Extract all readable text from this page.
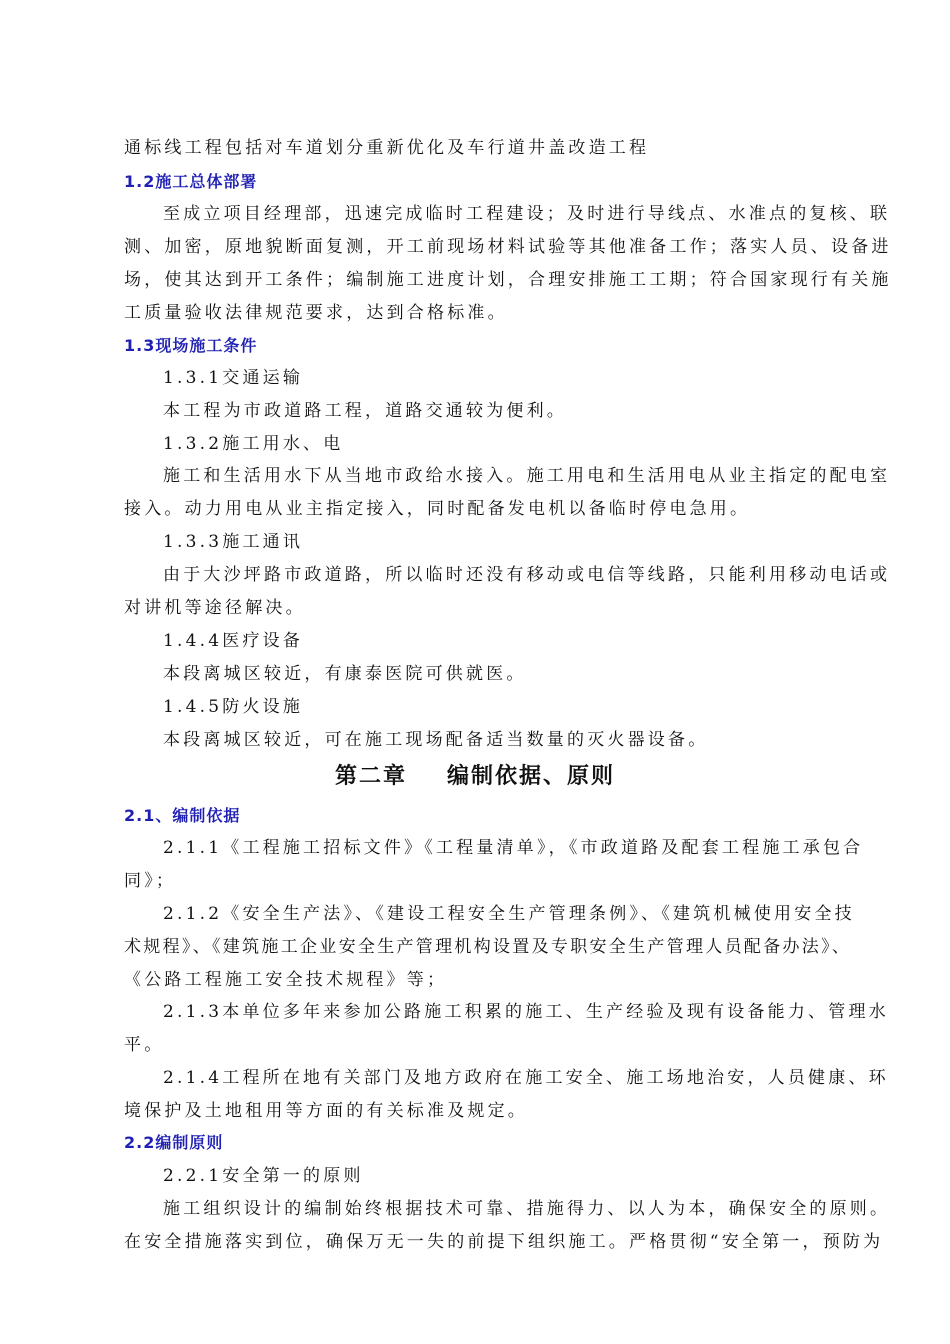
通标线工程包括对车道划分重新优化及车行道井盖改造工程
1.2施工总体部署
至成立项目经理部，迅速完成临时工程建设；及时进行导线点、水准点的复核、联
测、加密，原地貌断面复测，开工前现场材料试验等其他准备工作；落实人员、设备进
场，使其达到开工条件；编制施工进度计划，合理安排施工工期；符合国家现行有关施
工质量验收法律规范要求，达到合格标准。
1.3现场施工条件
1.3.1交通运输
本工程为市政道路工程，道路交通较为便利。
1.3.2施工用水、电
施工和生活用水下从当地市政给水接入。施工用电和生活用电从业主指定的配电室
接入。动力用电从业主指定接入，同时配备发电机以备临时停电急用。
1.3.3施工通讯
由于大沙坪路市政道路，所以临时还没有移动或电信等线路，只能利用移动电话或
对讲机等途径解决。
1.4.4医疗设备
本段离城区较近，有康泰医院可供就医。
1.4.5防火设施
本段离城区较近，可在施工现场配备适当数量的灭火器设备。
第二章 编制依据、原则
2.1、编制依据
2.1.1《工程施工招标文件》《工程量清单》，《市政道路及配套工程施工承包合
同》；
2.1.2《安全生产法》、《建设工程安全生产管理条例》、《建筑机械使用安全技
术规程》、《建筑施工企业安全生产管理机构设置及专职安全生产管理人员配备办法》、
《公路工程施工安全技术规程》等；
2.1.3本单位多年来参加公路施工积累的施工、生产经验及现有设备能力、管理水
平。
2.1.4工程所在地有关部门及地方政府在施工安全、施工场地治安，人员健康、环
境保护及土地租用等方面的有关标准及规定。
2.2编制原则
2.2.1安全第一的原则
施工组织设计的编制始终根据技术可靠、措施得力、以人为本，确保安全的原则。
在安全措施落实到位，确保万无一失的前提下组织施工。严格贯彻“安全第一，预防为
